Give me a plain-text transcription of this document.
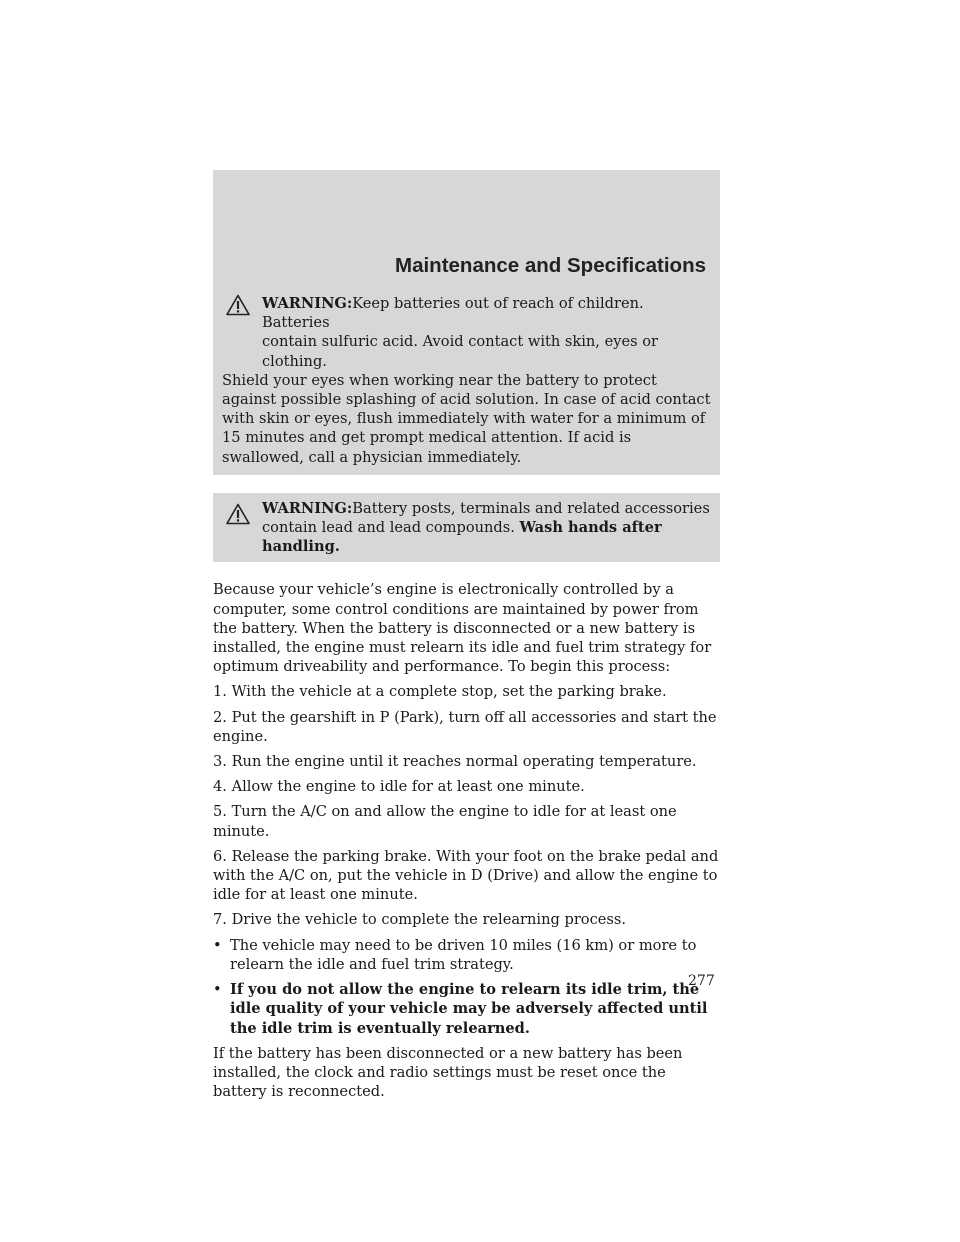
Maintenance and Specifications
WARNING:Keep batteries out of reach of children. Batteries
contain sulfuric acid. Avoid contact with skin, eyes or clothing.
Shield your eyes when working near the battery to protect against possible splashing of acid solution. In case of acid contact with skin or eyes, flush immediately with water for a minimum of 15 minutes and get prompt medical attention. If acid is swallowed, call a physician immediately.
WARNING:Battery posts, terminals and related accessories
contain lead and lead compounds. Wash hands after handling.

Because your vehicle’s engine is electronically controlled by a computer, some control conditions are maintained by power from the battery. When the battery is disconnected or a new battery is installed, the engine must relearn its idle and fuel trim strategy for optimum driveability and performance. To begin this process:

1. With the vehicle at a complete stop, set the parking brake.

2. Put the gearshift in P (Park), turn off all accessories and start the engine.

3. Run the engine until it reaches normal operating temperature.

4. Allow the engine to idle for at least one minute.

5. Turn the A/C on and allow the engine to idle for at least one minute.

6. Release the parking brake. With your foot on the brake pedal and with the A/C on, put the vehicle in D (Drive) and allow the engine to idle for at least one minute.

7. Drive the vehicle to complete the relearning process.

• The vehicle may need to be driven 10 miles (16 km) or more to relearn the idle and fuel trim strategy.
• If you do not allow the engine to relearn its idle trim, the idle quality of your vehicle may be adversely affected until the idle trim is eventually relearned.

If the battery has been disconnected or a new battery has been installed, the clock and radio settings must be reset once the battery is reconnected.

277
